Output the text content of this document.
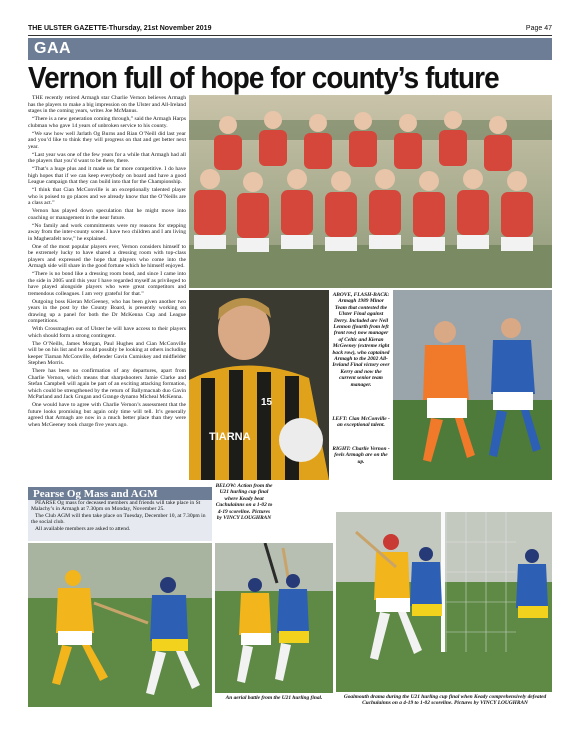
THE ULSTER GAZETTE-Thursday, 21st November 2019	Page 47
GAA
Vernon full of hope for county’s future

THE recently retired Armagh star Charlie Vernon believes Armagh has the players to make a big impression on the Ulster and All-Ireland stages in the coming years, writes Joe McManus.

“There is a new generation coming through,” said the Armagh Harps clubman who gave 14 years of unbroken service to his county.

“We saw how well Jarlath Og Burns and Rian O’Neill did last year and you’d like to think they will progress on that and get better next year.

“Last year was one of the few years for a while that Armagh had all the players that you’d want to be there, there.

“That’s a huge plus and it made us far more competitive. I do have high hopes that if we can keep everybody on board and have a good League campaign that they can build into that for the Championship.

“I think that Cian McConville is an exceptionally talented player who is poised to go places and we already know that the O’Neills are a class act.”

Vernon has played down speculation that he might move into coaching or management in the near future.

“No family and work commitments were my reasons for stepping away from the inter-county scene. I have two children and I am living in Magherafelt now,” he explained.

One of the most popular players ever, Vernon considers himself to be extremely lucky to have shared a dressing room with top-class players and expressed the hope that players who come into the Armagh side will share in the good fortune which he himself enjoyed.

“There is no bond like a dressing room bond, and since I came into the side in 2005 until this year I have regarded myself as privileged to have played alongside players who were great competitors and tremendous colleagues. I am very grateful for that.”

Outgoing boss Kieran McGeeney, who has been given another two years in the post by the County Board, is presently working on drawing up a panel for both the Dr McKenna Cup and League competitions.

With Crossmaglen out of Ulster he will have access to their players which should form a strong contingent.

The O’Neills, James Morgan, Paul Hughes and Cian McConville will be on his list and he could possibly be looking at others including keeper Tiarnan McConville, defender Gavin Cumiskey and midfielder Stephen Morris.

There has been no confirmation of any departures, apart from Charlie Vernon, which means that sharpshooters Jamie Clarke and Stefan Campbell will again be part of an exciting attacking formation, which could be strengthened by the return of Ballymacnab duo Gavin McParland and Jack Grugan and Grange dynamo Micheal McKenna.

One would have to agree with Charlie Vernon’s assessment that the future looks promising but again only time will tell. It’s generally agreed that Armagh are now in a much better place than they were when McGeeney took charge five years ago.

TIARNA
15
ABOVE, FLASH-BACK: Armagh 1989 Minor Team that contested the Ulster Final against Derry. Included are Neil Lennon (fourth from left front row) now manager of Celtic and Kieran McGeeney (extreme right back row), who captained Armagh to the 2002 All-Ireland Final victory over Kerry and now the current senior team manager.
LEFT: Cian McConville - an exceptional talent.
RIGHT: Charlie Vernon - feels Armagh are on the up.
Pearse Og Mass and AGM

PEARSE Og mass for deceased members and friends will take place in St Malachy’s in Armagh at 7.30pm on Monday, November 25.

The Club AGM will then take place on Tuesday, December 10, at 7.30pm in the social club.

All available members are asked to attend.

BELOW: Action from the U21 hurling cup final where Keady beat Cuchulainns on a 1-02 to 4-19 scoreline. Pictures by VINCY LOUGHRAN
An aerial battle from the U21 hurling final.	Goalmouth drama during the U21 hurling cup final when Keady comprehensively defeated Cuchulainns on a 4-19 to 1-02 scoreline. Pictures by VINCY LOUGHRAN
